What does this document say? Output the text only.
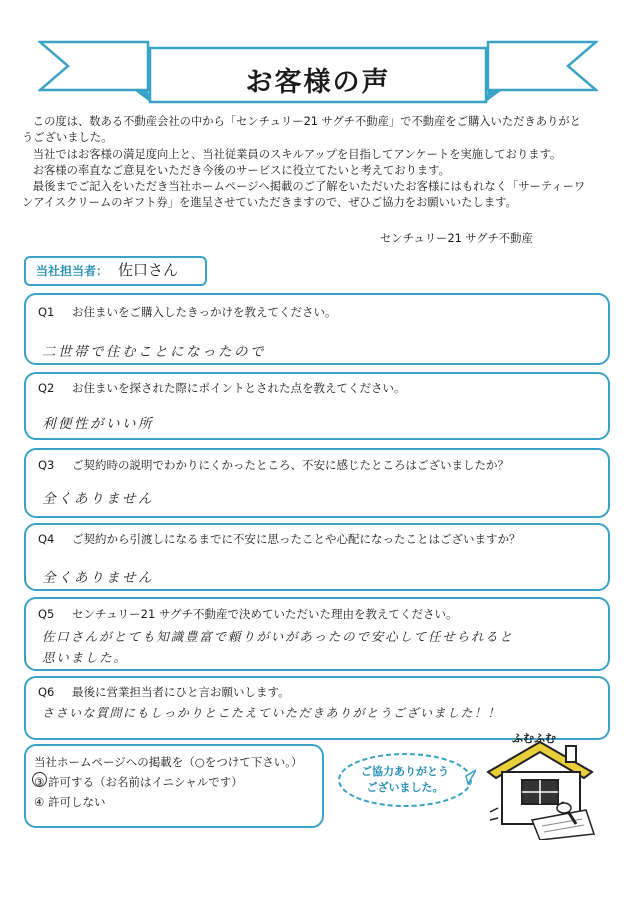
お客様の声

この度は、数ある不動産会社の中から「センチュリー21 サグチ不動産」で不動産をご購入いただきありがと

うございました。

当社ではお客様の満足度向上と、当社従業員のスキルアップを目指してアンケートを実施しております。

お客様の率直なご意見をいただき今後のサービスに役立てたいと考えております。

最後までご記入をいただき当社ホームページへ掲載のご了解をいただいたお客様にはもれなく「サーティーワ

ンアイスクリームのギフト券」を進呈させていただきますので、ぜひご協力をお願いいたします。

センチュリー21 サグチ不動産
当社担当者： 佐口さん
Q1 お住まいをご購入したきっかけを教えてください。
二世帯で住むことになったので
Q2 お住まいを探された際にポイントとされた点を教えてください。
利便性がいい所
Q3 ご契約時の説明でわかりにくかったところ、不安に感じたところはございましたか？
全くありません
Q4 ご契約から引渡しになるまでに不安に思ったことや心配になったことはございますか？
全くありません
Q5 センチュリー21 サグチ不動産で決めていただいた理由を教えてください。
佐口さんがとても知識豊富で頼りがいがあったので安心して任せられると
思いました。
Q6 最後に営業担当者にひと言お願いします。
ささいな質問にもしっかりとこたえていただきありがとうございました！！
当社ホームページへの掲載を（○をつけて下さい。）
③ 許可する（お名前はイニシャルです）
④ 許可しない
ご協力ありがとう
ございました。
ふむふむ
